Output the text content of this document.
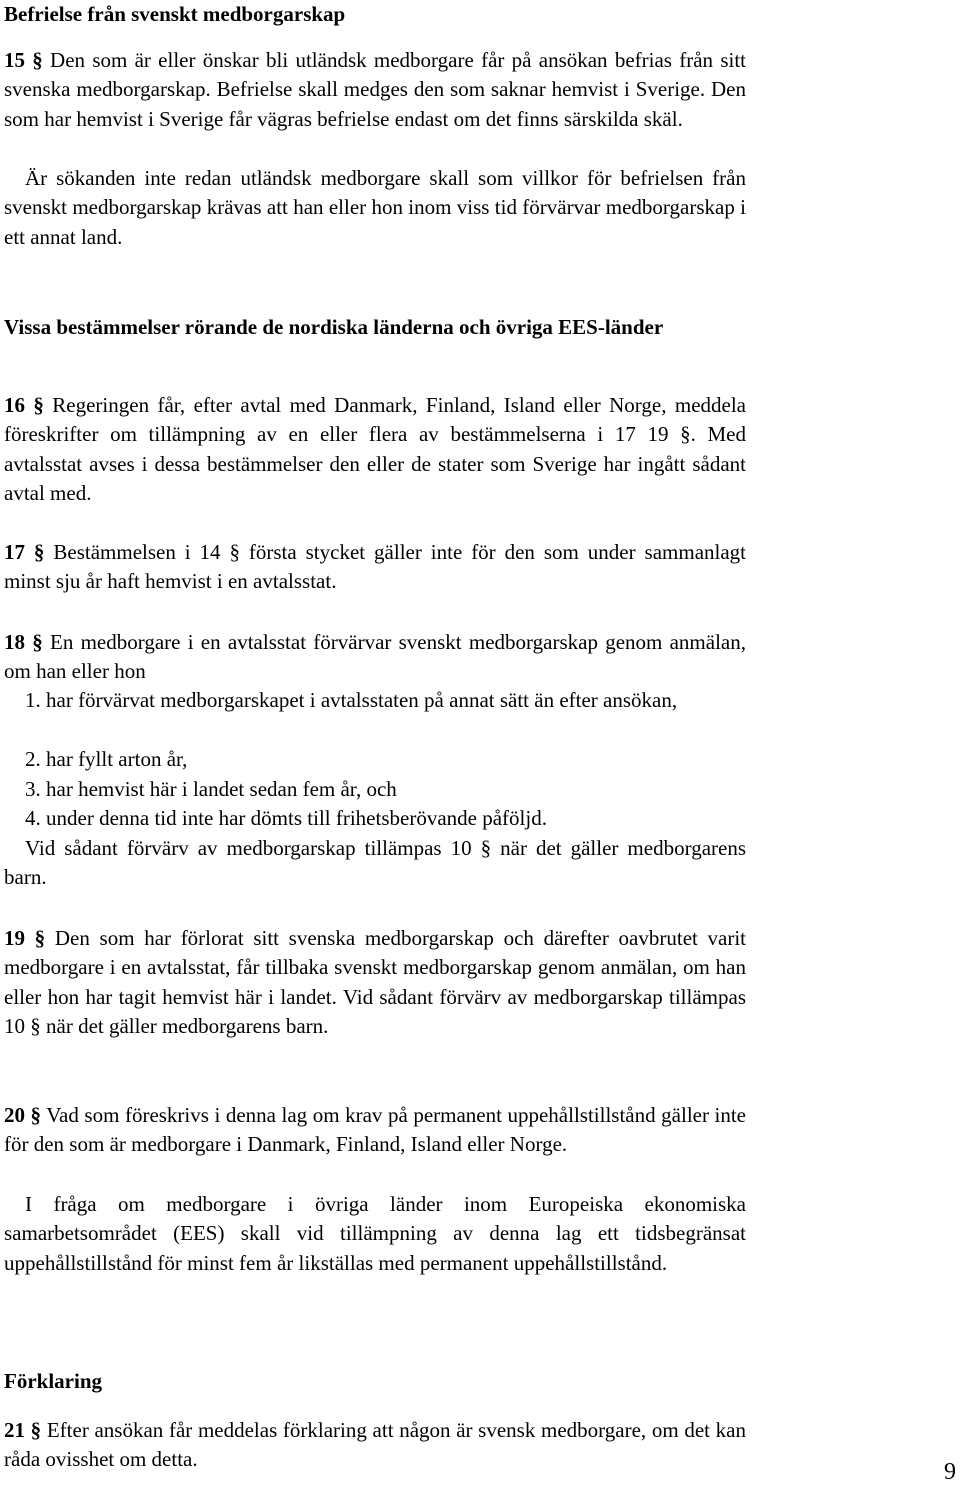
Befrielse från svenskt medborgarskap

15 § Den som är eller önskar bli utländsk medborgare får på ansökan befrias från sitt svenska medborgarskap. Befrielse skall medges den som saknar hemvist i Sverige. Den som har hemvist i Sverige får vägras befrielse endast om det finns särskilda skäl.

Är sökanden inte redan utländsk medborgare skall som villkor för befrielsen från svenskt medborgarskap krävas att han eller hon inom viss tid förvärvar medborgarskap i ett annat land.

Vissa bestämmelser rörande de nordiska länderna och övriga EES-länder

16 § Regeringen får, efter avtal med Danmark, Finland, Island eller Norge, meddela föreskrifter om tillämpning av en eller flera av bestämmelserna i 17 19 §. Med avtalsstat avses i dessa bestämmelser den eller de stater som Sverige har ingått sådant avtal med.

17 § Bestämmelsen i 14 § första stycket gäller inte för den som under sammanlagt minst sju år haft hemvist i en avtalsstat.

18 § En medborgare i en avtalsstat förvärvar svenskt medborgarskap genom anmälan, om han eller hon

1. har förvärvat medborgarskapet i avtalsstaten på annat sätt än efter ansökan,

2. har fyllt arton år,

3. har hemvist här i landet sedan fem år, och

4. under denna tid inte har dömts till frihetsberövande påföljd.

Vid sådant förvärv av medborgarskap tillämpas 10 § när det gäller medborgarens barn.

19 § Den som har förlorat sitt svenska medborgarskap och därefter oavbrutet varit medborgare i en avtalsstat, får tillbaka svenskt medborgarskap genom anmälan, om han eller hon har tagit hemvist här i landet. Vid sådant förvärv av medborgarskap tillämpas 10 § när det gäller medborgarens barn.

20 § Vad som föreskrivs i denna lag om krav på permanent uppehållstillstånd gäller inte för den som är medborgare i Danmark, Finland, Island eller Norge.

I fråga om medborgare i övriga länder inom Europeiska ekonomiska samarbetsområdet (EES) skall vid tillämpning av denna lag ett tidsbegränsat uppehållstillstånd för minst fem år likställas med permanent uppehållstillstånd.

Förklaring

21 § Efter ansökan får meddelas förklaring att någon är svensk medborgare, om det kan råda ovisshet om detta.	9
